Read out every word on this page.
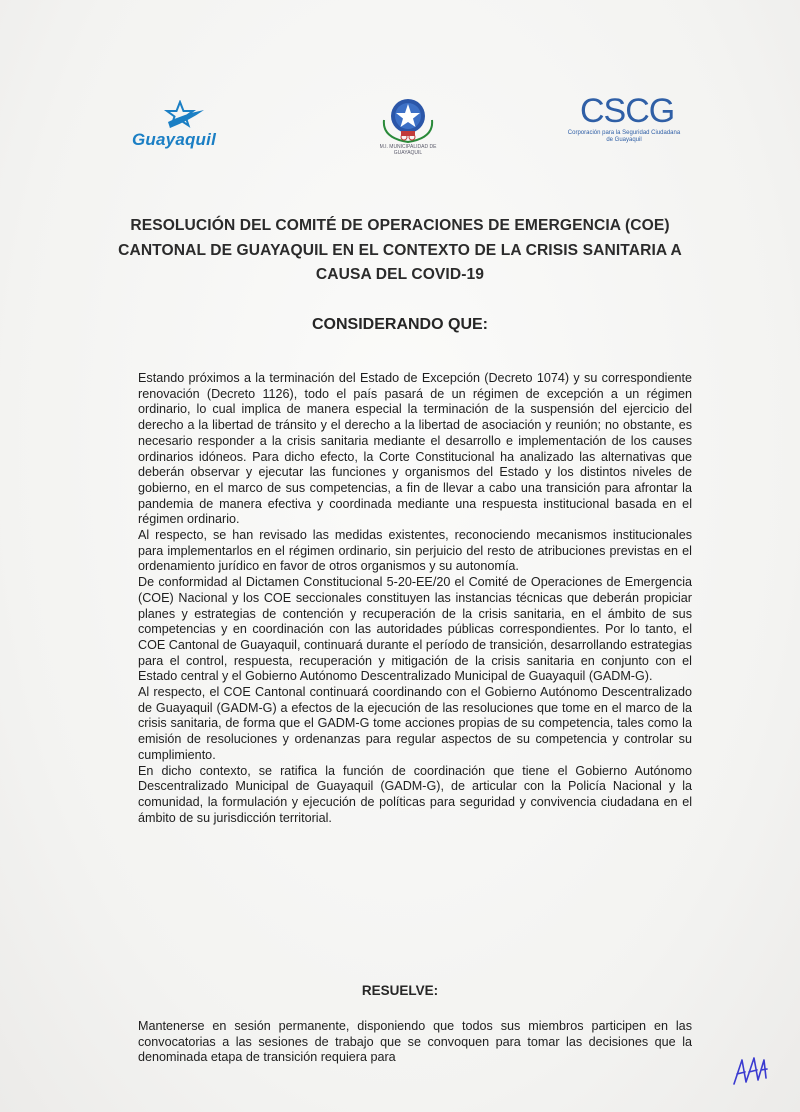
Guayaquil	M.I. MUNICIPALIDAD DE GUAYAQUIL
CSCG
Corporación para la Seguridad Ciudadana de Guayaquil
RESOLUCIÓN DEL COMITÉ DE OPERACIONES DE EMERGENCIA (COE) CANTONAL DE GUAYAQUIL EN EL CONTEXTO DE LA CRISIS SANITARIA A CAUSA DEL COVID-19
CONSIDERANDO QUE:

Estando próximos a la terminación del Estado de Excepción (Decreto 1074) y su correspondiente renovación (Decreto 1126), todo el país pasará de un régimen de excepción a un régimen ordinario, lo cual implica de manera especial la terminación de la suspensión del ejercicio del derecho a la libertad de tránsito y el derecho a la libertad de asociación y reunión; no obstante, es necesario responder a la crisis sanitaria mediante el desarrollo e implementación de los causes ordinarios idóneos. Para dicho efecto, la Corte Constitucional ha analizado las alternativas que deberán observar y ejecutar las funciones y organismos del Estado y los distintos niveles de gobierno, en el marco de sus competencias, a fin de llevar a cabo una transición para afrontar la pandemia de manera efectiva y coordinada mediante una respuesta institucional basada en el régimen ordinario.

Al respecto, se han revisado las medidas existentes, reconociendo mecanismos institucionales para implementarlos en el régimen ordinario, sin perjuicio del resto de atribuciones previstas en el ordenamiento jurídico en favor de otros organismos y su autonomía.

De conformidad al Dictamen Constitucional 5-20-EE/20 el Comité de Operaciones de Emergencia (COE) Nacional y los COE seccionales constituyen las instancias técnicas que deberán propiciar planes y estrategias de contención y recuperación de la crisis sanitaria, en el ámbito de sus competencias y en coordinación con las autoridades públicas correspondientes. Por lo tanto, el COE Cantonal de Guayaquil, continuará durante el período de transición, desarrollando estrategias para el control, respuesta, recuperación y mitigación de la crisis sanitaria en conjunto con el Estado central y el Gobierno Autónomo Descentralizado Municipal de Guayaquil (GADM-G).

Al respecto, el COE Cantonal continuará coordinando con el Gobierno Autónomo Descentralizado de Guayaquil (GADM-G) a efectos de la ejecución de las resoluciones que tome en el marco de la crisis sanitaria, de forma que el GADM-G tome acciones propias de su competencia, tales como la emisión de resoluciones y ordenanzas para regular aspectos de su competencia y controlar su cumplimiento.

En dicho contexto, se ratifica la función de coordinación que tiene el Gobierno Autónomo Descentralizado Municipal de Guayaquil (GADM-G), de articular con la Policía Nacional y la comunidad, la formulación y ejecución de políticas para seguridad y convivencia ciudadana en el ámbito de su jurisdicción territorial.

RESUELVE:

Mantenerse en sesión permanente, disponiendo que todos sus miembros participen en las convocatorias a las sesiones de trabajo que se convoquen para tomar las decisiones que la denominada etapa de transición requiera para
